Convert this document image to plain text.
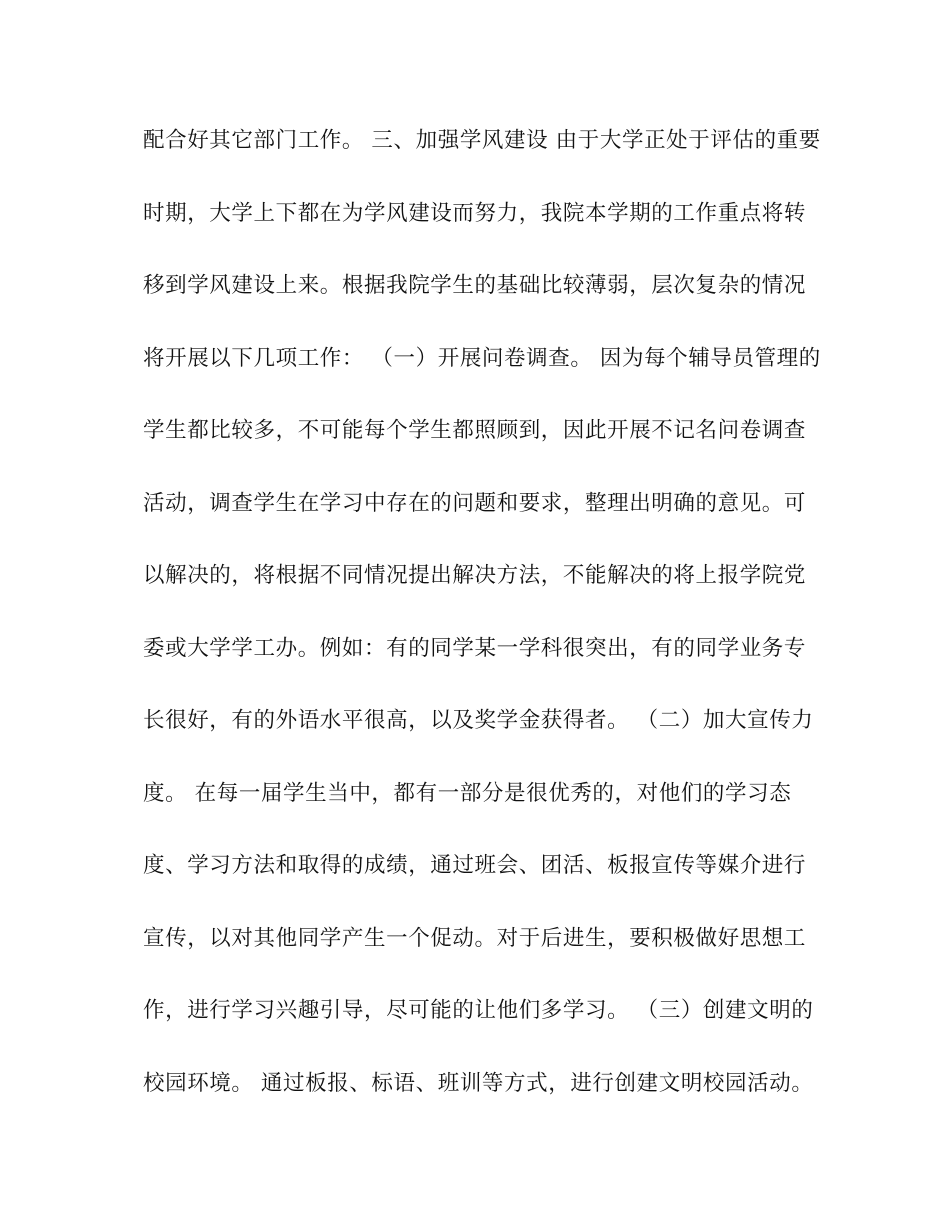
配合好其它部门工作。 三、加强学风建设 由于大学正处于评估的重要
时期，大学上下都在为学风建设而努力，我院本学期的工作重点将转
移到学风建设上来。根据我院学生的基础比较薄弱，层次复杂的情况
将开展以下几项工作： （一）开展问卷调查。 因为每个辅导员管理的
学生都比较多，不可能每个学生都照顾到，因此开展不记名问卷调查
活动，调查学生在学习中存在的问题和要求，整理出明确的意见。可
以解决的，将根据不同情况提出解决方法，不能解决的将上报学院党
委或大学学工办。例如：有的同学某一学科很突出，有的同学业务专
长很好，有的外语水平很高，以及奖学金获得者。 （二）加大宣传力
度。 在每一届学生当中，都有一部分是很优秀的，对他们的学习态
度、学习方法和取得的成绩，通过班会、团活、板报宣传等媒介进行
宣传，以对其他同学产生一个促动。对于后进生，要积极做好思想工
作，进行学习兴趣引导，尽可能的让他们多学习。 （三）创建文明的
校园环境。 通过板报、标语、班训等方式，进行创建文明校园活动。
